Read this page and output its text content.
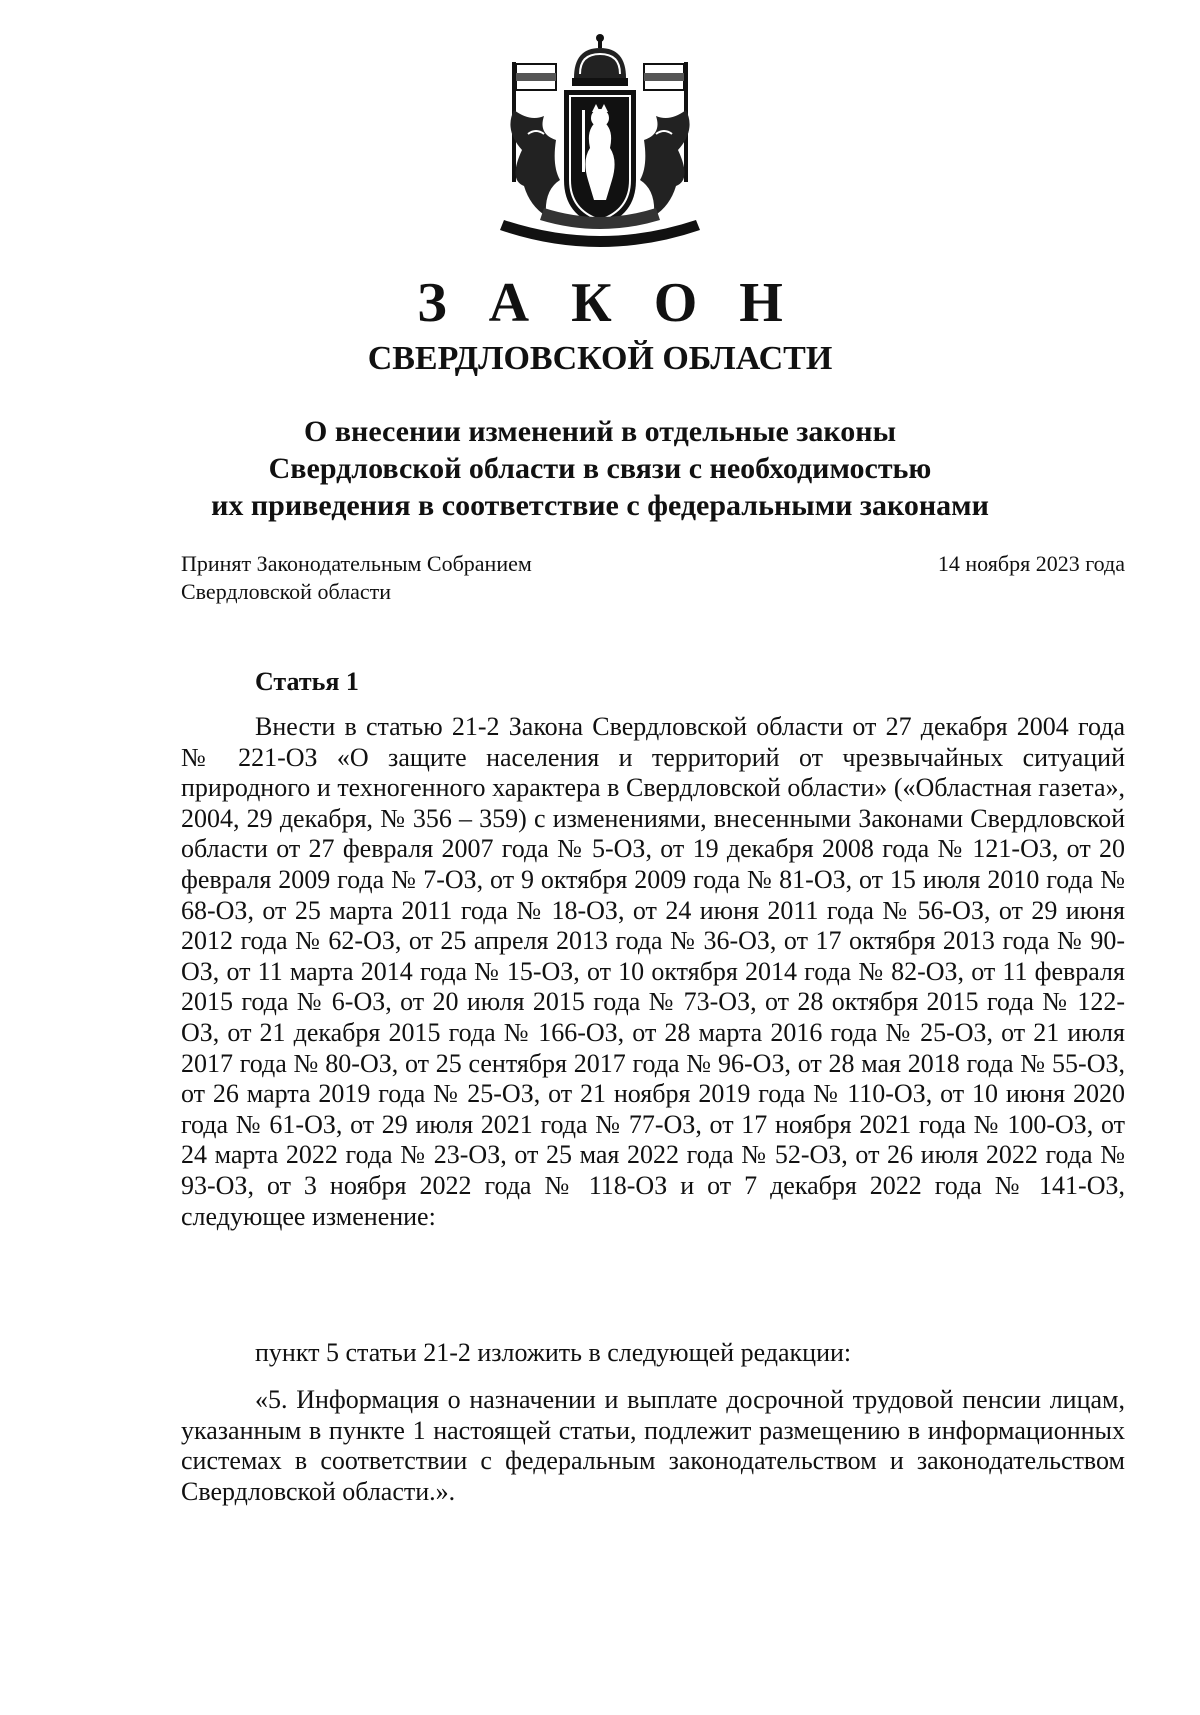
З А К О Н
СВЕРДЛОВСКОЙ ОБЛАСТИ
О внесении изменений в отдельные законы
Свердловской области в связи с необходимостью
их приведения в соответствие с федеральными законами
Принят Законодательным Собранием
Свердловской области
14 ноября 2023 года
Статья 1

Внести в статью 21-2 Закона Свердловской области от 27 декабря 2004 года № 221-ОЗ «О защите населения и территорий от чрезвычайных ситуаций природного и техногенного характера в Свердловской области» («Областная газета», 2004, 29 декабря, № 356 – 359) с изменениями, внесенными Законами Свердловской области от 27 февраля 2007 года № 5-ОЗ, от 19 декабря 2008 года № 121-ОЗ, от 20 февраля 2009 года № 7-ОЗ, от 9 октября 2009 года № 81-ОЗ, от 15 июля 2010 года № 68-ОЗ, от 25 марта 2011 года № 18-ОЗ, от 24 июня 2011 года № 56-ОЗ, от 29 июня 2012 года № 62-ОЗ, от 25 апреля 2013 года № 36-ОЗ, от 17 октября 2013 года № 90-ОЗ, от 11 марта 2014 года № 15-ОЗ, от 10 октября 2014 года № 82-ОЗ, от 11 февраля 2015 года № 6-ОЗ, от 20 июля 2015 года № 73-ОЗ, от 28 октября 2015 года № 122-ОЗ, от 21 декабря 2015 года № 166-ОЗ, от 28 марта 2016 года № 25-ОЗ, от 21 июля 2017 года № 80-ОЗ, от 25 сентября 2017 года № 96-ОЗ, от 28 мая 2018 года № 55-ОЗ, от 26 марта 2019 года № 25-ОЗ, от 21 ноября 2019 года № 110-ОЗ, от 10 июня 2020 года № 61-ОЗ, от 29 июля 2021 года № 77-ОЗ, от 17 ноября 2021 года № 100-ОЗ, от 24 марта 2022 года № 23-ОЗ, от 25 мая 2022 года № 52-ОЗ, от 26 июля 2022 года № 93-ОЗ, от 3 ноября 2022 года № 118-ОЗ и от 7 декабря 2022 года № 141-ОЗ, следующее изменение:

пункт 5 статьи 21-2 изложить в следующей редакции:

«5. Информация о назначении и выплате досрочной трудовой пенсии лицам, указанным в пункте 1 настоящей статьи, подлежит размещению в информационных системах в соответствии с федеральным законодательством и законодательством Свердловской области.».
